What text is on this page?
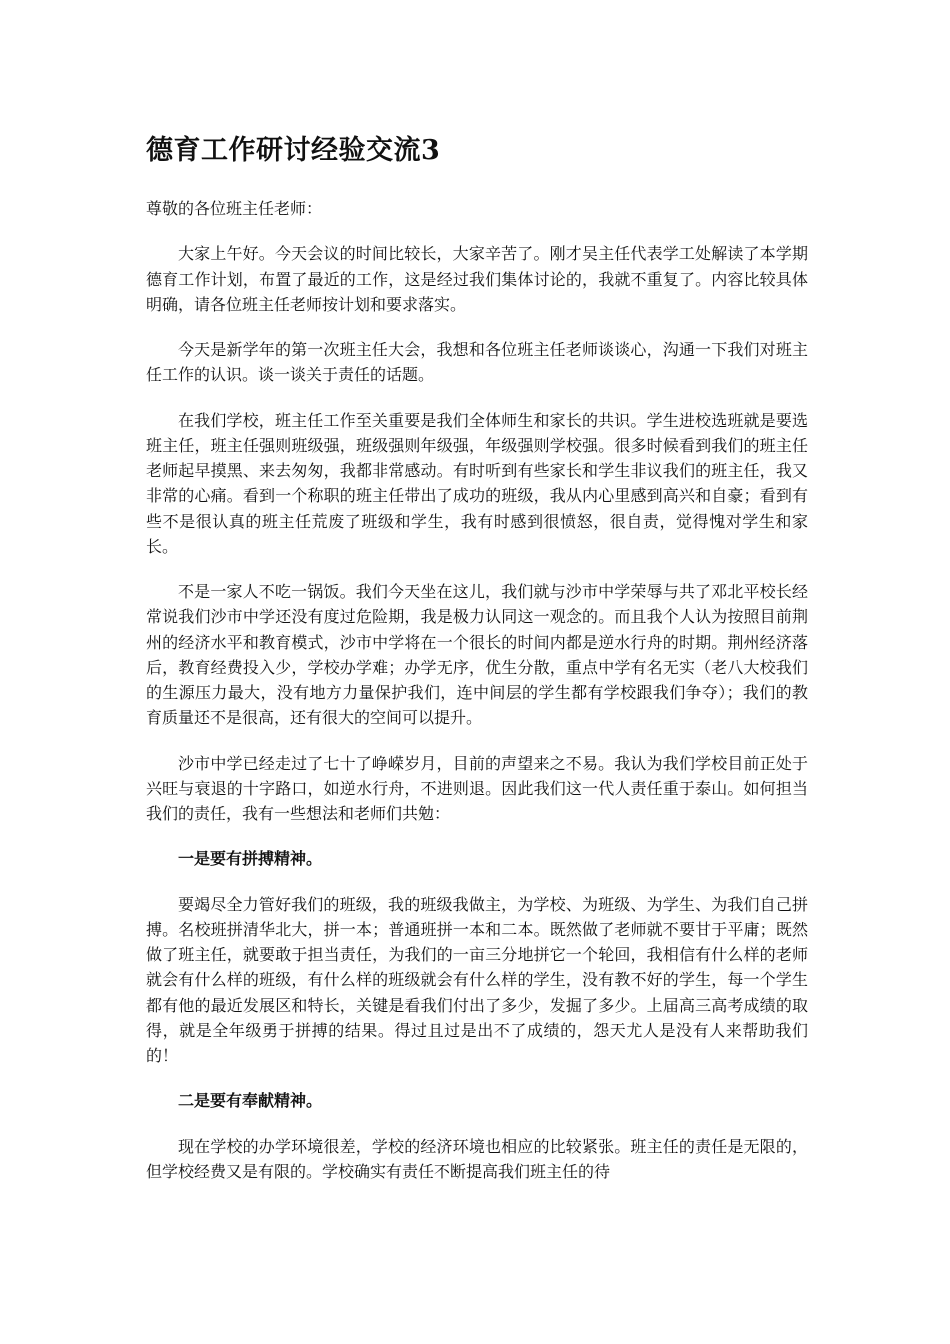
德育工作研讨经验交流3

尊敬的各位班主任老师：

大家上午好。今天会议的时间比较长，大家辛苦了。刚才吴主任代表学工处解读了本学期德育工作计划，布置了最近的工作，这是经过我们集体讨论的，我就不重复了。内容比较具体明确，请各位班主任老师按计划和要求落实。

今天是新学年的第一次班主任大会，我想和各位班主任老师谈谈心，沟通一下我们对班主任工作的认识。谈一谈关于责任的话题。

在我们学校，班主任工作至关重要是我们全体师生和家长的共识。学生进校选班就是要选班主任，班主任强则班级强，班级强则年级强，年级强则学校强。很多时候看到我们的班主任老师起早摸黑、来去匆匆，我都非常感动。有时听到有些家长和学生非议我们的班主任，我又非常的心痛。看到一个称职的班主任带出了成功的班级，我从内心里感到高兴和自豪；看到有些不是很认真的班主任荒废了班级和学生，我有时感到很愤怒，很自责，觉得愧对学生和家长。

不是一家人不吃一锅饭。我们今天坐在这儿，我们就与沙市中学荣辱与共了邓北平校长经常说我们沙市中学还没有度过危险期，我是极力认同这一观念的。而且我个人认为按照目前荆州的经济水平和教育模式，沙市中学将在一个很长的时间内都是逆水行舟的时期。荆州经济落后，教育经费投入少，学校办学难；办学无序，优生分散，重点中学有名无实（老八大校我们的生源压力最大，没有地方力量保护我们，连中间层的学生都有学校跟我们争夺）；我们的教育质量还不是很高，还有很大的空间可以提升。

沙市中学已经走过了七十了峥嵘岁月，目前的声望来之不易。我认为我们学校目前正处于兴旺与衰退的十字路口，如逆水行舟，不进则退。因此我们这一代人责任重于泰山。如何担当我们的责任，我有一些想法和老师们共勉：

一是要有拼搏精神。

要竭尽全力管好我们的班级，我的班级我做主，为学校、为班级、为学生、为我们自己拼搏。名校班拼清华北大，拼一本；普通班拼一本和二本。既然做了老师就不要甘于平庸；既然做了班主任，就要敢于担当责任，为我们的一亩三分地拼它一个轮回，我相信有什么样的老师就会有什么样的班级，有什么样的班级就会有什么样的学生，没有教不好的学生，每一个学生都有他的最近发展区和特长，关键是看我们付出了多少，发掘了多少。上届高三高考成绩的取得，就是全年级勇于拼搏的结果。得过且过是出不了成绩的，怨天尤人是没有人来帮助我们的！

二是要有奉献精神。

现在学校的办学环境很差，学校的经济环境也相应的比较紧张。班主任的责任是无限的，但学校经费又是有限的。学校确实有责任不断提高我们班主任的待
